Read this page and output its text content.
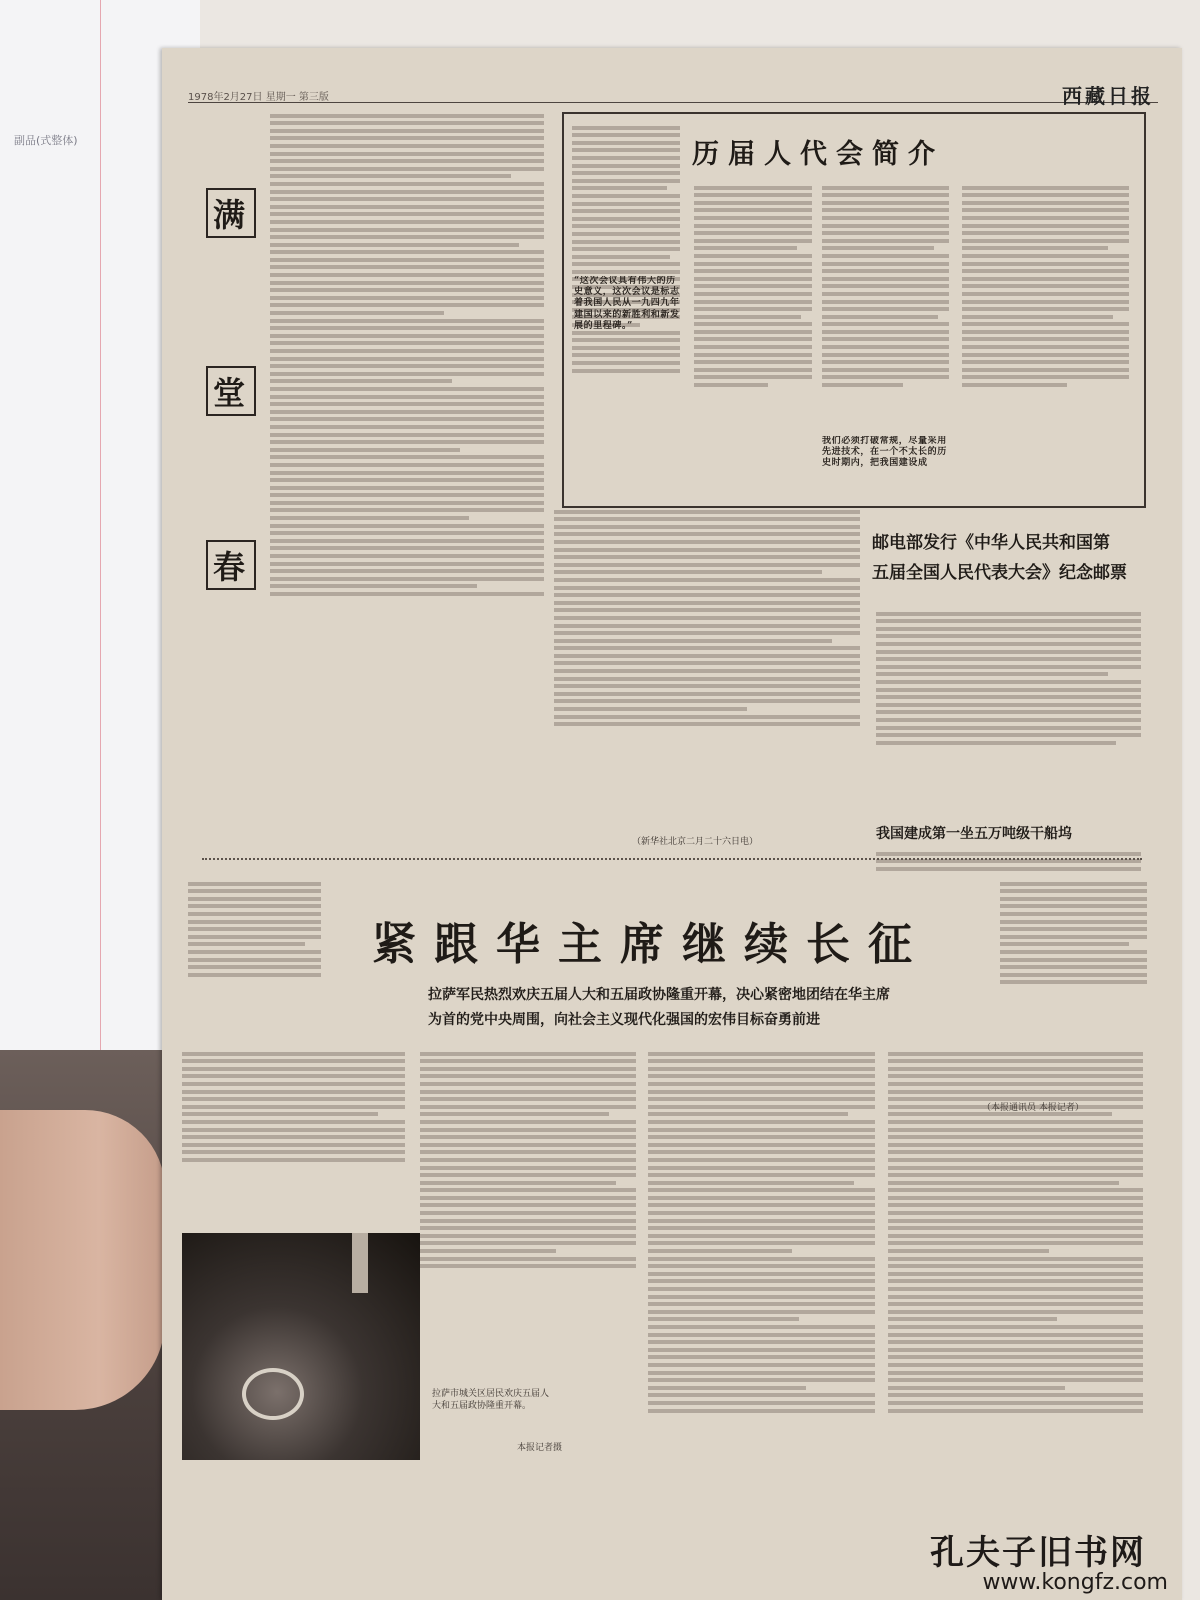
副品(式整体)
1978年2月27日 星期一 第三版	西藏日报
满
堂
春
历届人代会简介
“这次会议具有伟大的历史意义，这次会议是标志着我国人民从一九四九年建国以来的新胜利和新发展的里程碑。”
我们必须打破常规，尽量采用先进技术，在一个不太长的历史时期内，把我国建设成
邮电部发行《中华人民共和国第
五届全国人民代表大会》纪念邮票
（新华社北京二月二十六日电）	我国建成第一坐五万吨级干船坞
紧跟华主席继续长征
拉萨军民热烈欢庆五届人大和五届政协隆重开幕，决心紧密地团结在华主席
为首的党中央周围，向社会主义现代化强国的宏伟目标奋勇前进
（本报通讯员 本报记者）
拉萨市城关区居民欢庆五届人大和五届政协隆重开幕。
本报记者摄
孔夫子旧书网
www.kongfz.com
